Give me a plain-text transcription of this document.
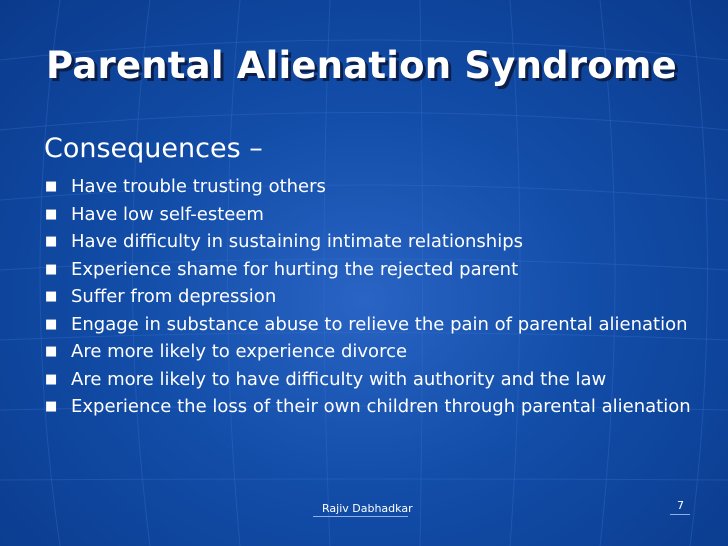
Parental Alienation Syndrome
Consequences –
■ Have trouble trusting others
■ Have low self-esteem
■ Have difficulty in sustaining intimate relationships
■ Experience shame for hurting the rejected parent
■ Suffer from depression
■ Engage in substance abuse to relieve the pain of parental alienation
■ Are more likely to experience divorce
■ Are more likely to have difficulty with authority and the law
■ Experience the loss of their own children through parental alienation
Rajiv Dabhadkar	7
